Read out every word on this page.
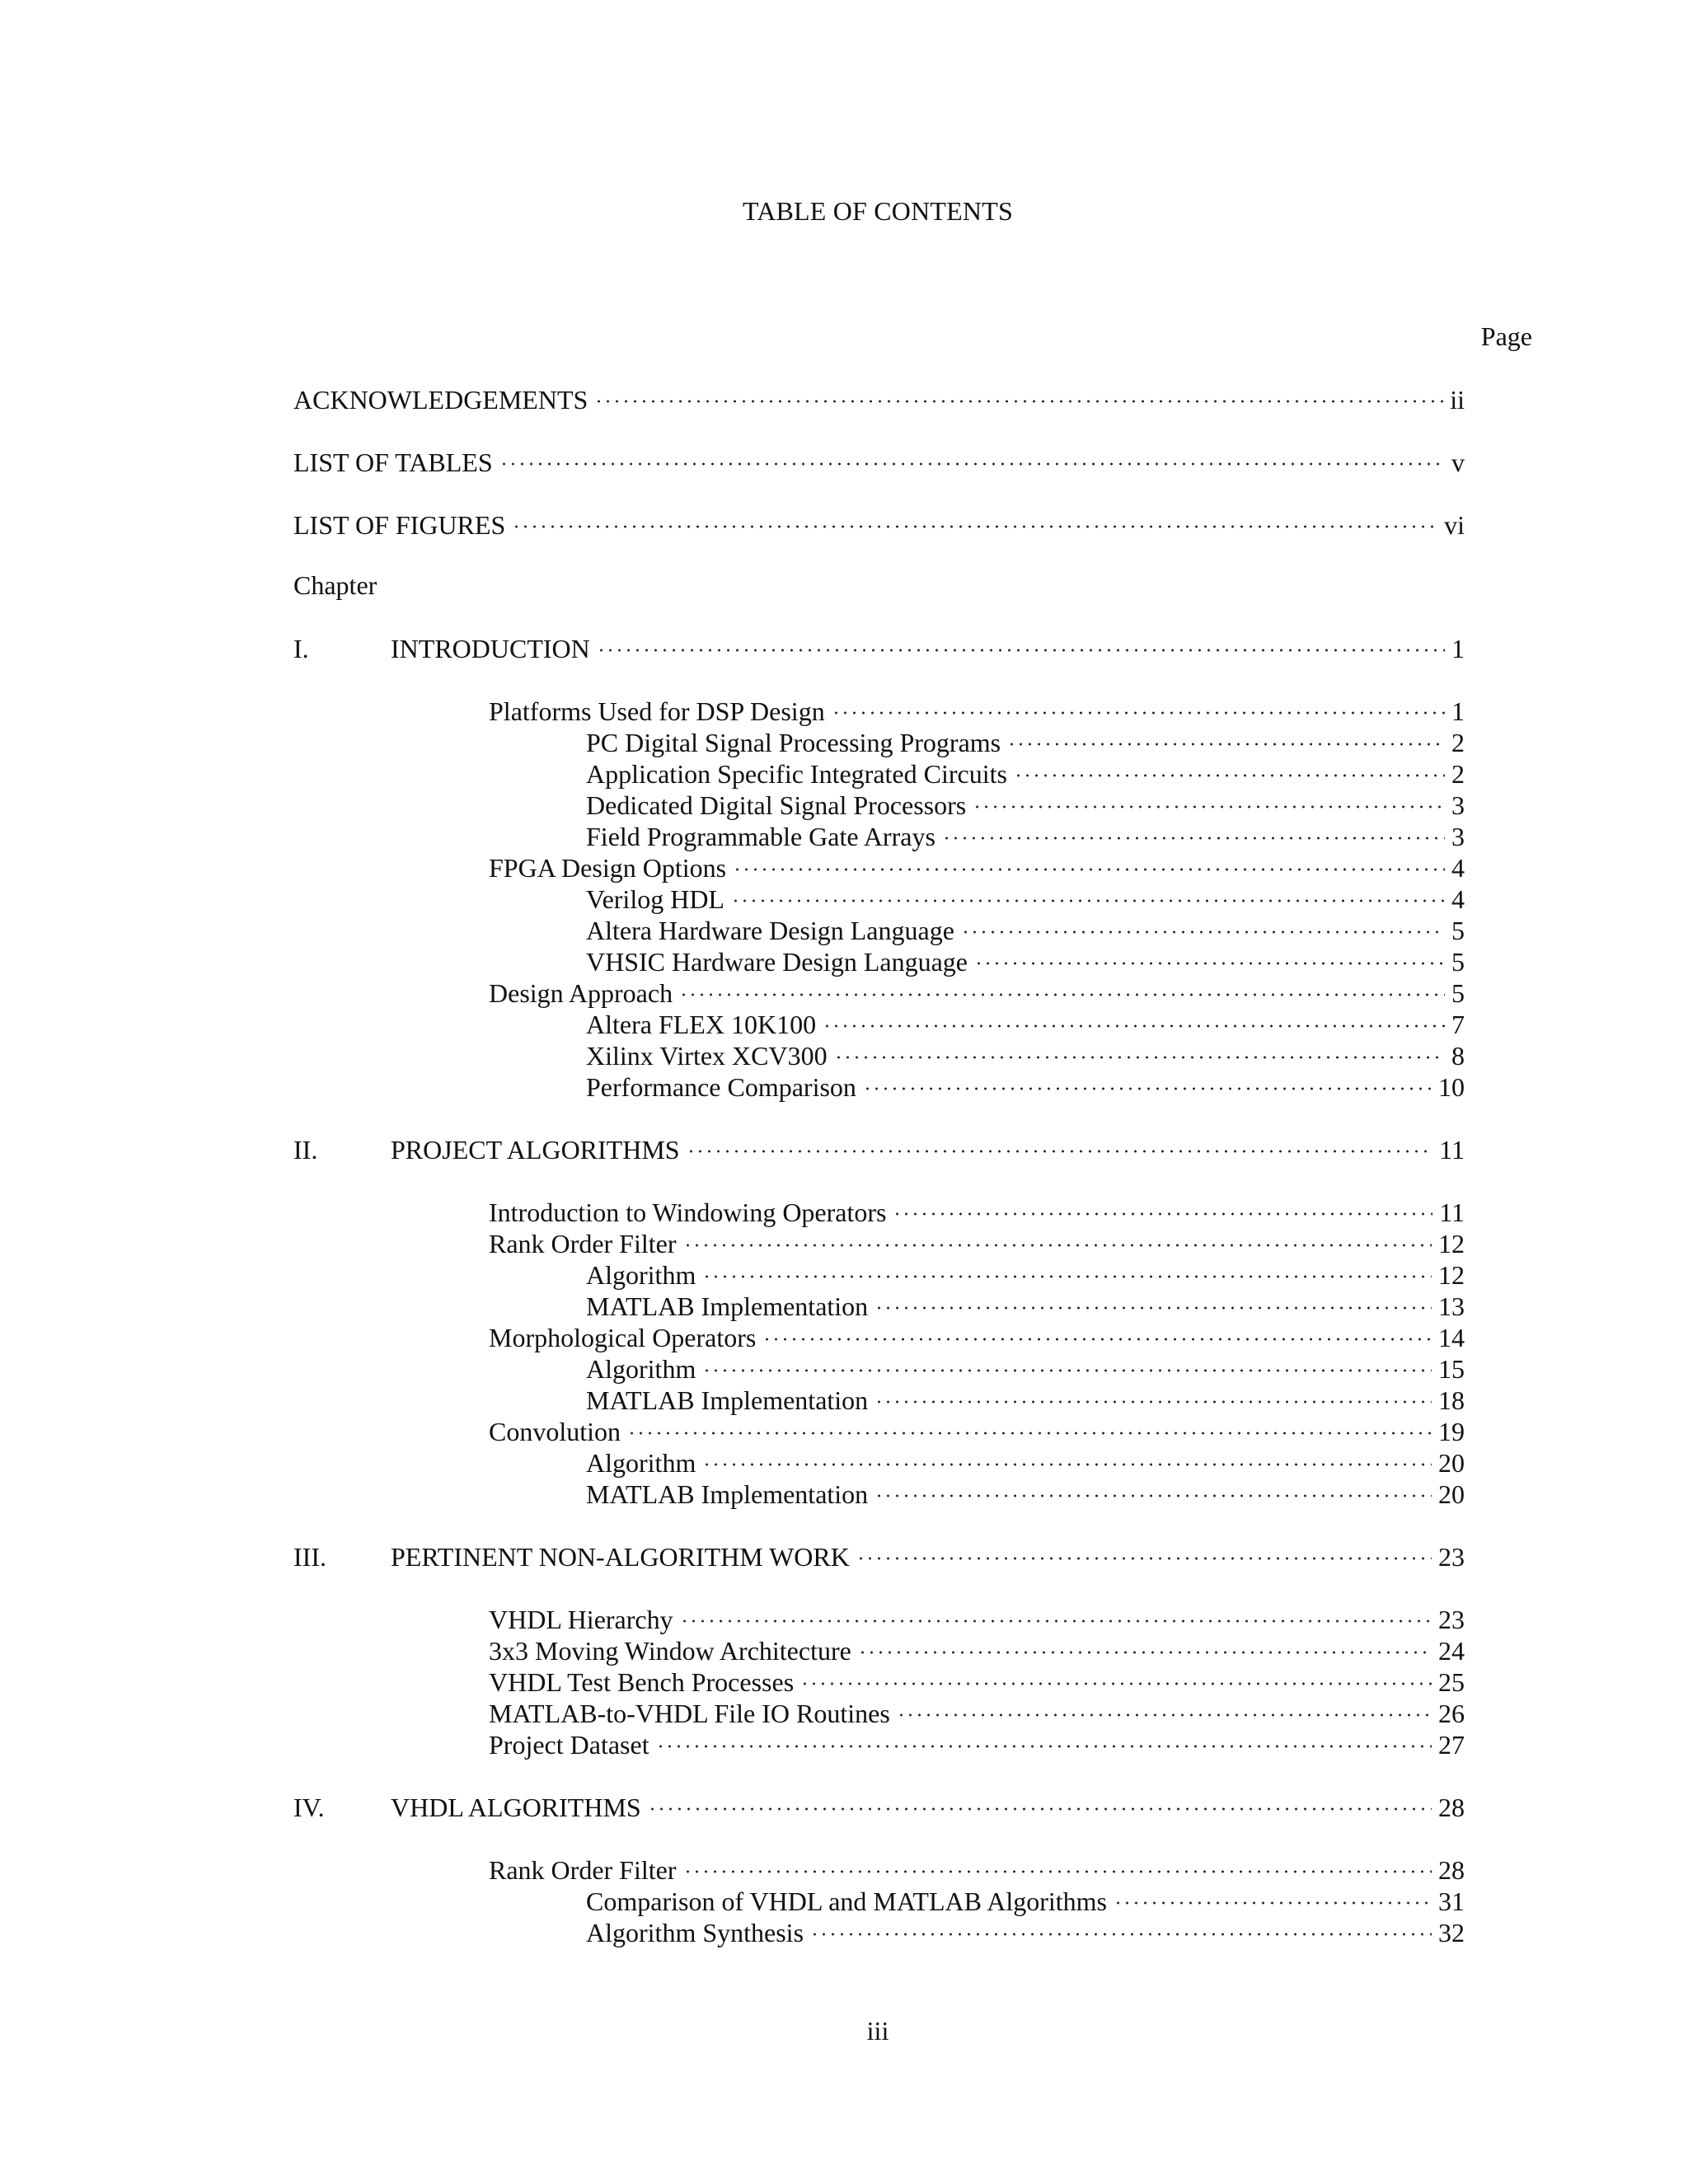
TABLE OF CONTENTS
Page
ACKNOWLEDGEMENTS	ii
LIST OF TABLES	v
LIST OF FIGURES	vi
Chapter
I.	INTRODUCTION	1
Platforms Used for DSP Design	1
PC Digital Signal Processing Programs	2
Application Specific Integrated Circuits	2
Dedicated Digital Signal Processors	3
Field Programmable Gate Arrays	3
FPGA Design Options	4
Verilog HDL	4
Altera Hardware Design Language	5
VHSIC Hardware Design Language	5
Design Approach	5
Altera FLEX 10K100	7
Xilinx Virtex XCV300	8
Performance Comparison	10
II.	PROJECT ALGORITHMS	11
Introduction to Windowing Operators	11
Rank Order Filter	12
Algorithm	12
MATLAB Implementation	13
Morphological Operators	14
Algorithm	15
MATLAB Implementation	18
Convolution	19
Algorithm	20
MATLAB Implementation	20
III.	PERTINENT NON-ALGORITHM WORK	23
VHDL Hierarchy	23
3x3 Moving Window Architecture	24
VHDL Test Bench Processes	25
MATLAB-to-VHDL File IO Routines	26
Project Dataset	27
IV.	VHDL ALGORITHMS	28
Rank Order Filter	28
Comparison of VHDL and MATLAB Algorithms	31
Algorithm Synthesis	32
iii
